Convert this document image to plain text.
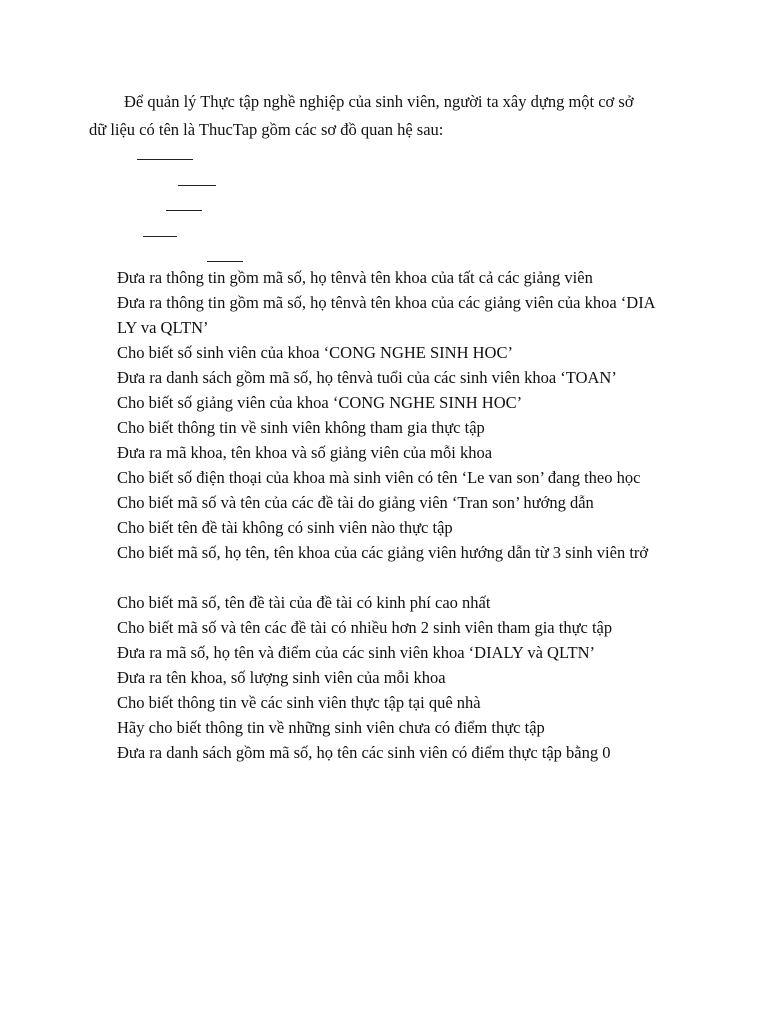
Để quản lý Thực tập nghề nghiệp của sinh viên, người ta xây dựng một cơ sở
dữ liệu có tên là ThucTap gồm các sơ đồ quan hệ sau:
Đưa ra thông tin gồm mã số, họ tênvà tên khoa của tất cả các giảng viên
Đưa ra thông tin gồm mã số, họ tênvà tên khoa của các giảng viên của khoa ‘DIA
LY va QLTN’
Cho biết số sinh viên của khoa ‘CONG NGHE SINH HOC’
Đưa ra danh sách gồm mã số, họ tênvà tuổi của các sinh viên khoa ‘TOAN’
Cho biết số giảng viên của khoa ‘CONG NGHE SINH HOC’
Cho biết thông tin về sinh viên không tham gia thực tập
Đưa ra mã khoa, tên khoa và số giảng viên của mỗi khoa
Cho biết số điện thoại của khoa mà sinh viên có tên ‘Le van son’ đang theo học
Cho biết mã số và tên của các đề tài do giảng viên ‘Tran son’ hướng dẫn
Cho biết tên đề tài không có sinh viên nào thực tập
Cho biết mã số, họ tên, tên khoa của các giảng viên hướng dẫn từ 3 sinh viên trở
Cho biết mã số, tên đề tài của đề tài có kinh phí cao nhất
Cho biết mã số và tên các đề tài có nhiều hơn 2 sinh viên tham gia thực tập
Đưa ra mã số, họ tên và điểm của các sinh viên khoa ‘DIALY và QLTN’
Đưa ra tên khoa, số lượng sinh viên của mỗi khoa
Cho biết thông tin về các sinh viên thực tập tại quê nhà
Hãy cho biết thông tin về những sinh viên chưa có điểm thực tập
Đưa ra danh sách gồm mã số, họ tên các sinh viên có điểm thực tập bằng 0
